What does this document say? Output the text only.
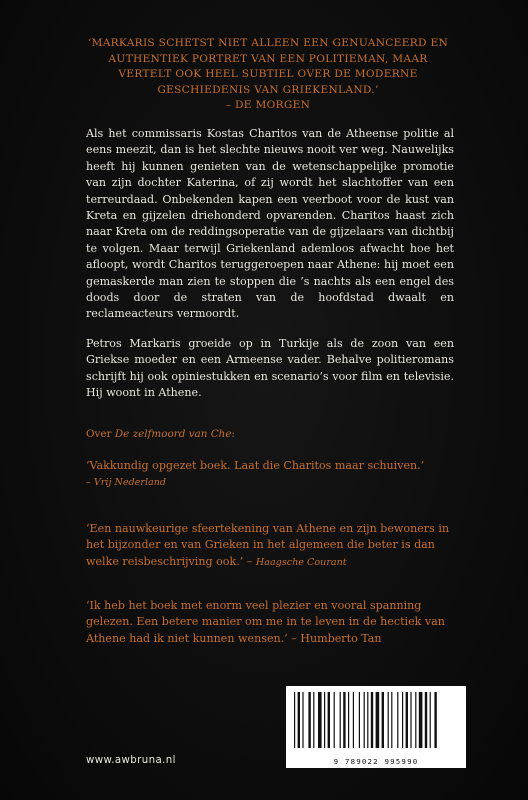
‘MARKARIS SCHETST NIET ALLEEN EEN GENUANCEERD EN AUTHENTIEK PORTRET VAN EEN POLITIEMAN, MAAR VERTELT OOK HEEL SUBTIEL OVER DE MODERNE GESCHIEDENIS VAN GRIEKENLAND.’
– DE MORGEN
Als het commissaris Kostas Charitos van de Atheense politie al eens meezit, dan is het slechte nieuws nooit ver weg. Nauwelijks heeft hij kunnen genieten van de wetenschappelijke promotie van zijn dochter Katerina, of zij wordt het slachtoffer van een terreurdaad. Onbekenden kapen een veerboot voor de kust van Kreta en gijzelen driehonderd opvarenden. Charitos haast zich naar Kreta om de reddingsoperatie van de gijzelaars van dichtbij te volgen. Maar terwijl Griekenland ademloos afwacht hoe het afloopt, wordt Charitos teruggeroepen naar Athene: hij moet een gemaskerde man zien te stoppen die ’s nachts als een engel des doods door de straten van de hoofdstad dwaalt en reclameacteurs vermoordt.
Petros Markaris groeide op in Turkije als de zoon van een Griekse moeder en een Armeense vader. Behalve politieromans schrijft hij ook opiniestukken en scenario’s voor film en televisie. Hij woont in Athene.
Over De zelfmoord van Che:
‘Vakkundig opgezet boek. Laat die Charitos maar schuiven.’
– Vrij Nederland
‘Een nauwkeurige sfeertekening van Athene en zijn bewoners in het bijzonder en van Grieken in het algemeen die beter is dan welke reisbeschrijving ook.’ – Haagsche Courant
‘Ik heb het boek met enorm veel plezier en vooral spanning gelezen. Een betere manier om me in te leven in de hectiek van Athene had ik niet kunnen wensen.’ – Humberto Tan
www.awbruna.nl	9 789022 995990
